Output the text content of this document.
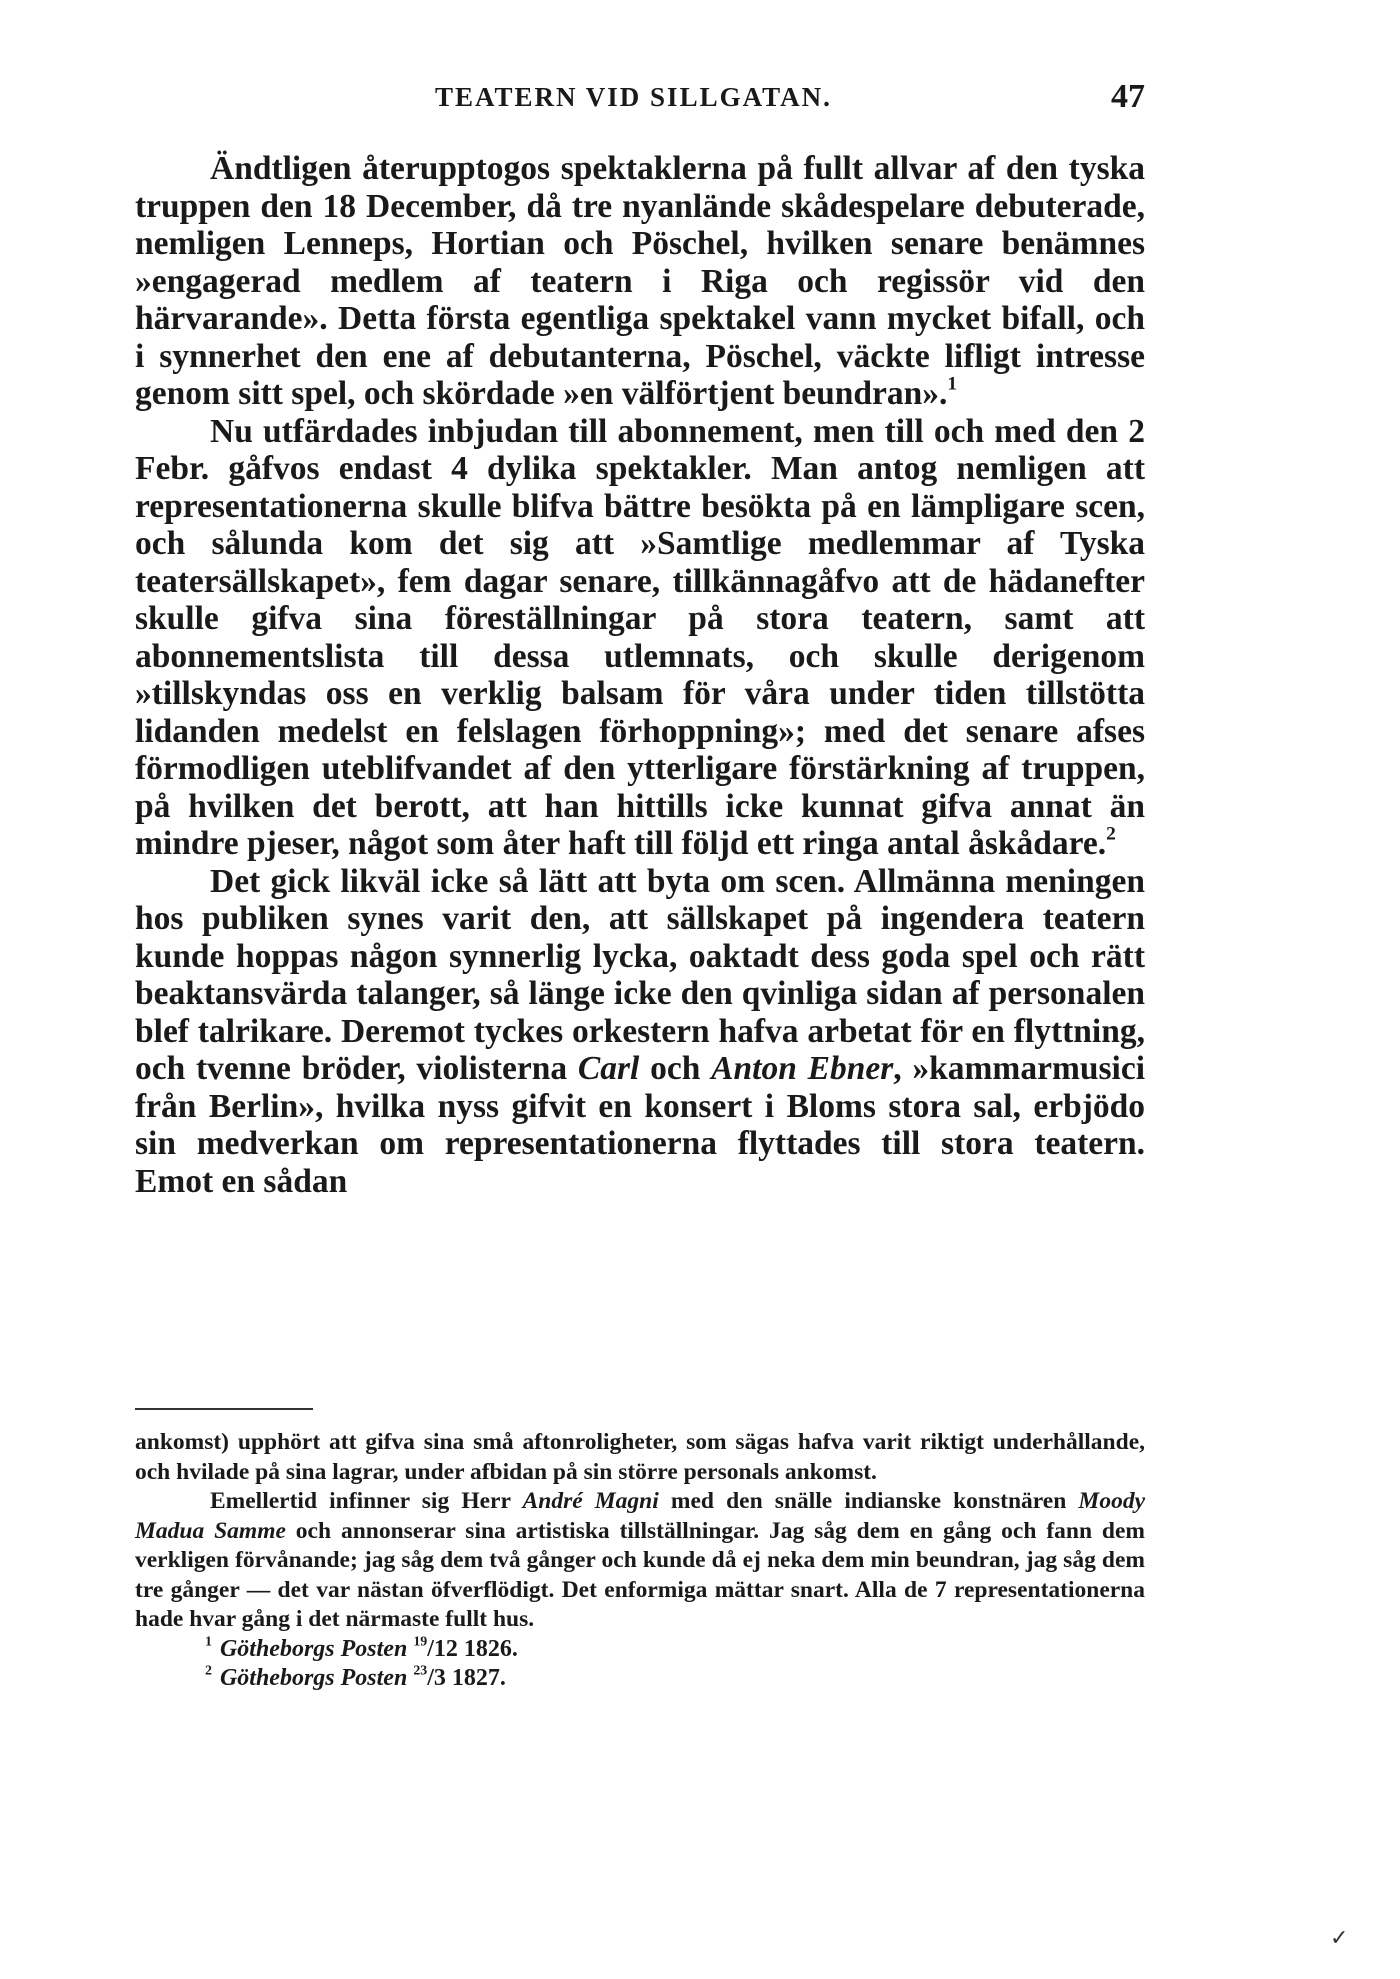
TEATERN VID SILLGATAN.	47

Ändtligen återupptogos spektaklerna på fullt allvar af den tyska truppen den 18 December, då tre nyanlände skådespelare debuterade, nemligen Lenneps, Hortian och Pöschel, hvilken senare benämnes »engagerad medlem af teatern i Riga och regissör vid den härvarande». Detta första egentliga spektakel vann mycket bifall, och i synnerhet den ene af debutanterna, Pöschel, väckte lifligt intresse genom sitt spel, och skördade »en välförtjent beundran».$^1$

Nu utfärdades inbjudan till abonnement, men till och med den 2 Febr. gåfvos endast 4 dylika spektakler. Man antog nemligen att representationerna skulle blifva bättre besökta på en lämpligare scen, och sålunda kom det sig att »Samtlige medlemmar af Tyska teatersällskapet», fem dagar senare, tillkännagåfvo att de hädanefter skulle gifva sina föreställningar på stora teatern, samt att abonnementslista till dessa utlemnats, och skulle derigenom »tillskyndas oss en verklig balsam för våra under tiden tillstötta lidanden medelst en felslagen förhoppning»; med det senare afses förmodligen uteblifvandet af den ytterligare förstärkning af truppen, på hvilken det berott, att han hittills icke kunnat gifva annat än mindre pjeser, något som åter haft till följd ett ringa antal åskådare.$^2$

Det gick likväl icke så lätt att byta om scen. Allmänna meningen hos publiken synes varit den, att sällskapet på ingendera teatern kunde hoppas någon synnerlig lycka, oaktadt dess goda spel och rätt beaktansvärda talanger, så länge icke den qvinliga sidan af personalen blef talrikare. Deremot tyckes orkestern hafva arbetat för en flyttning, och tvenne bröder, violisterna Carl och Anton Ebner, »kammarmusici från Berlin», hvilka nyss gifvit en konsert i Bloms stora sal, erbjödo sin medverkan om representationerna flyttades till stora teatern. Emot en sådan

ankomst) upphört att gifva sina små aftonroligheter, som sägas hafva varit riktigt underhållande, och hvilade på sina lagrar, under afbidan på sin större personals ankomst.

Emellertid infinner sig Herr André Magni med den snälle indianske konstnären Moody Madua Samme och annonserar sina artistiska tillställningar. Jag såg dem en gång och fann dem verkligen förvånande; jag såg dem två gånger och kunde då ej neka dem min beundran, jag såg dem tre gånger — det var nästan öfverflödigt. Det enformiga mättar snart. Alla de 7 representationerna hade hvar gång i det närmaste fullt hus.

$^1$ Götheborgs Posten $^{19}$/12 1826.

$^2$ Götheborgs Posten $^{23}$/3 1827.

✓
